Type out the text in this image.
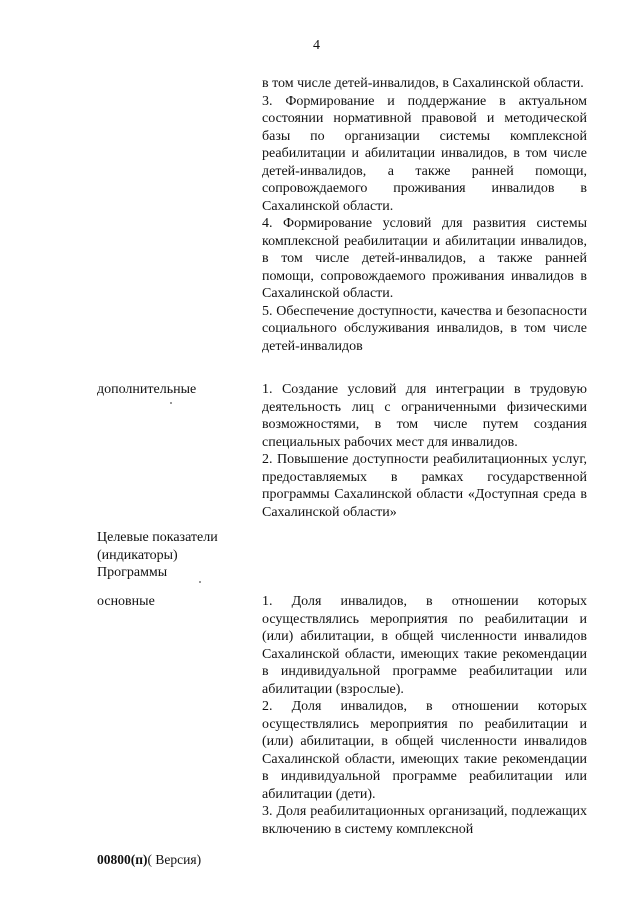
4

в том числе детей-инвалидов, в Сахалинской области.

3. Формирование и поддержание в актуальном состоянии нормативной правовой и методической базы по организации системы комплексной реабилитации и абилитации инвалидов, в том числе детей-инвалидов, а также ранней помощи, сопровождаемого проживания инвалидов в Сахалинской области.

4. Формирование условий для развития системы комплексной реабилитации и абилитации инвалидов, в том числе детей-инвалидов, а также ранней помощи, сопровождаемого проживания инвалидов в Сахалинской области.

5. Обеспечение доступности, качества и безопасности социального обслуживания инвалидов, в том числе детей-инвалидов

дополнительные	1. Создание условий для интеграции в трудовую деятельность лиц с ограниченными физическими возможностями, в том числе путем создания специальных рабочих мест для инвалидов.

2. Повышение доступности реабилитационных услуг, предоставляемых в рамках государственной программы Сахалинской области «Доступная среда в Сахалинской области»

Целевые показатели
(индикаторы)
Программы
основные	1. Доля инвалидов, в отношении которых осуществлялись мероприятия по реабилитации и (или) абилитации, в общей численности инвалидов Сахалинской области, имеющих такие рекомендации в индивидуальной программе реабилитации или абилитации (взрослые).

2. Доля инвалидов, в отношении которых осуществлялись мероприятия по реабилитации и (или) абилитации, в общей численности инвалидов Сахалинской области, имеющих такие рекомендации в индивидуальной программе реабилитации или абилитации (дети).

3. Доля реабилитационных организаций, подлежащих включению в систему комплексной

00800(п)( Версия)
